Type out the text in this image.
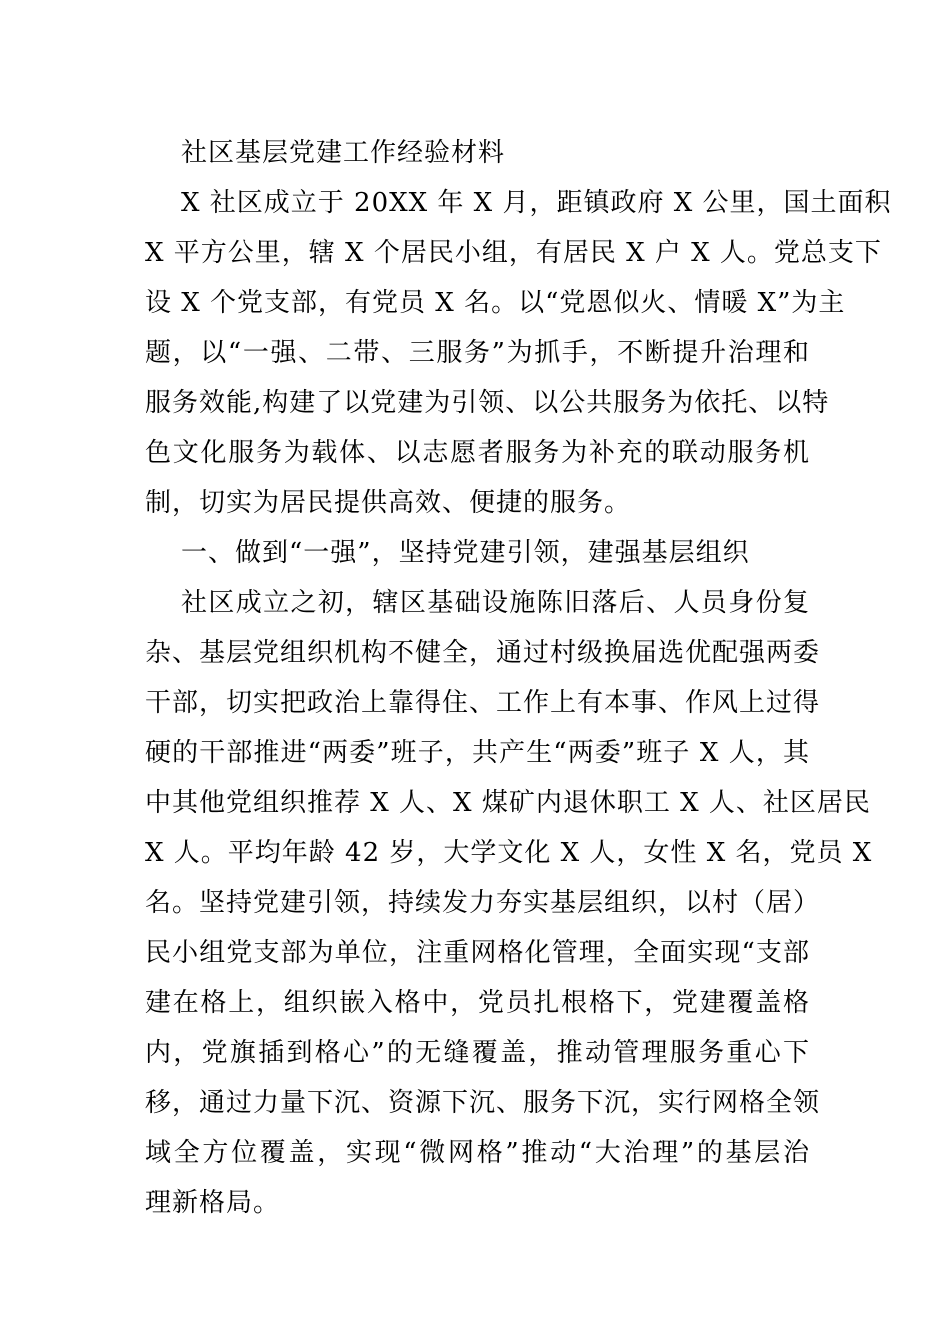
社区基层党建工作经验材料
X 社区成立于 20XX 年 X 月，距镇政府 X 公里，国土面积
X 平方公里，辖 X 个居民小组，有居民 X 户 X 人。党总支下
设 X 个党支部，有党员 X 名。以“党恩似火、情暖 X”为主
题，以“一强、二带、三服务”为抓手，不断提升治理和
服务效能,构建了以党建为引领、以公共服务为依托、以特
色文化服务为载体、以志愿者服务为补充的联动服务机
制，切实为居民提供高效、便捷的服务。
一、做到“一强”，坚持党建引领，建强基层组织
社区成立之初，辖区基础设施陈旧落后、人员身份复
杂、基层党组织机构不健全，通过村级换届选优配强两委
干部，切实把政治上靠得住、工作上有本事、作风上过得
硬的干部推进“两委”班子，共产生“两委”班子 X 人，其
中其他党组织推荐 X 人、X 煤矿内退休职工 X 人、社区居民
X 人。平均年龄 42 岁，大学文化 X 人，女性 X 名，党员 X
名。坚持党建引领，持续发力夯实基层组织，以村（居）
民小组党支部为单位，注重网格化管理，全面实现“支部
建在格上，组织嵌入格中，党员扎根格下，党建覆盖格
内，党旗插到格心”的无缝覆盖，推动管理服务重心下
移，通过力量下沉、资源下沉、服务下沉，实行网格全领
域全方位覆盖，实现“微网格”推动“大治理”的基层治
理新格局。
